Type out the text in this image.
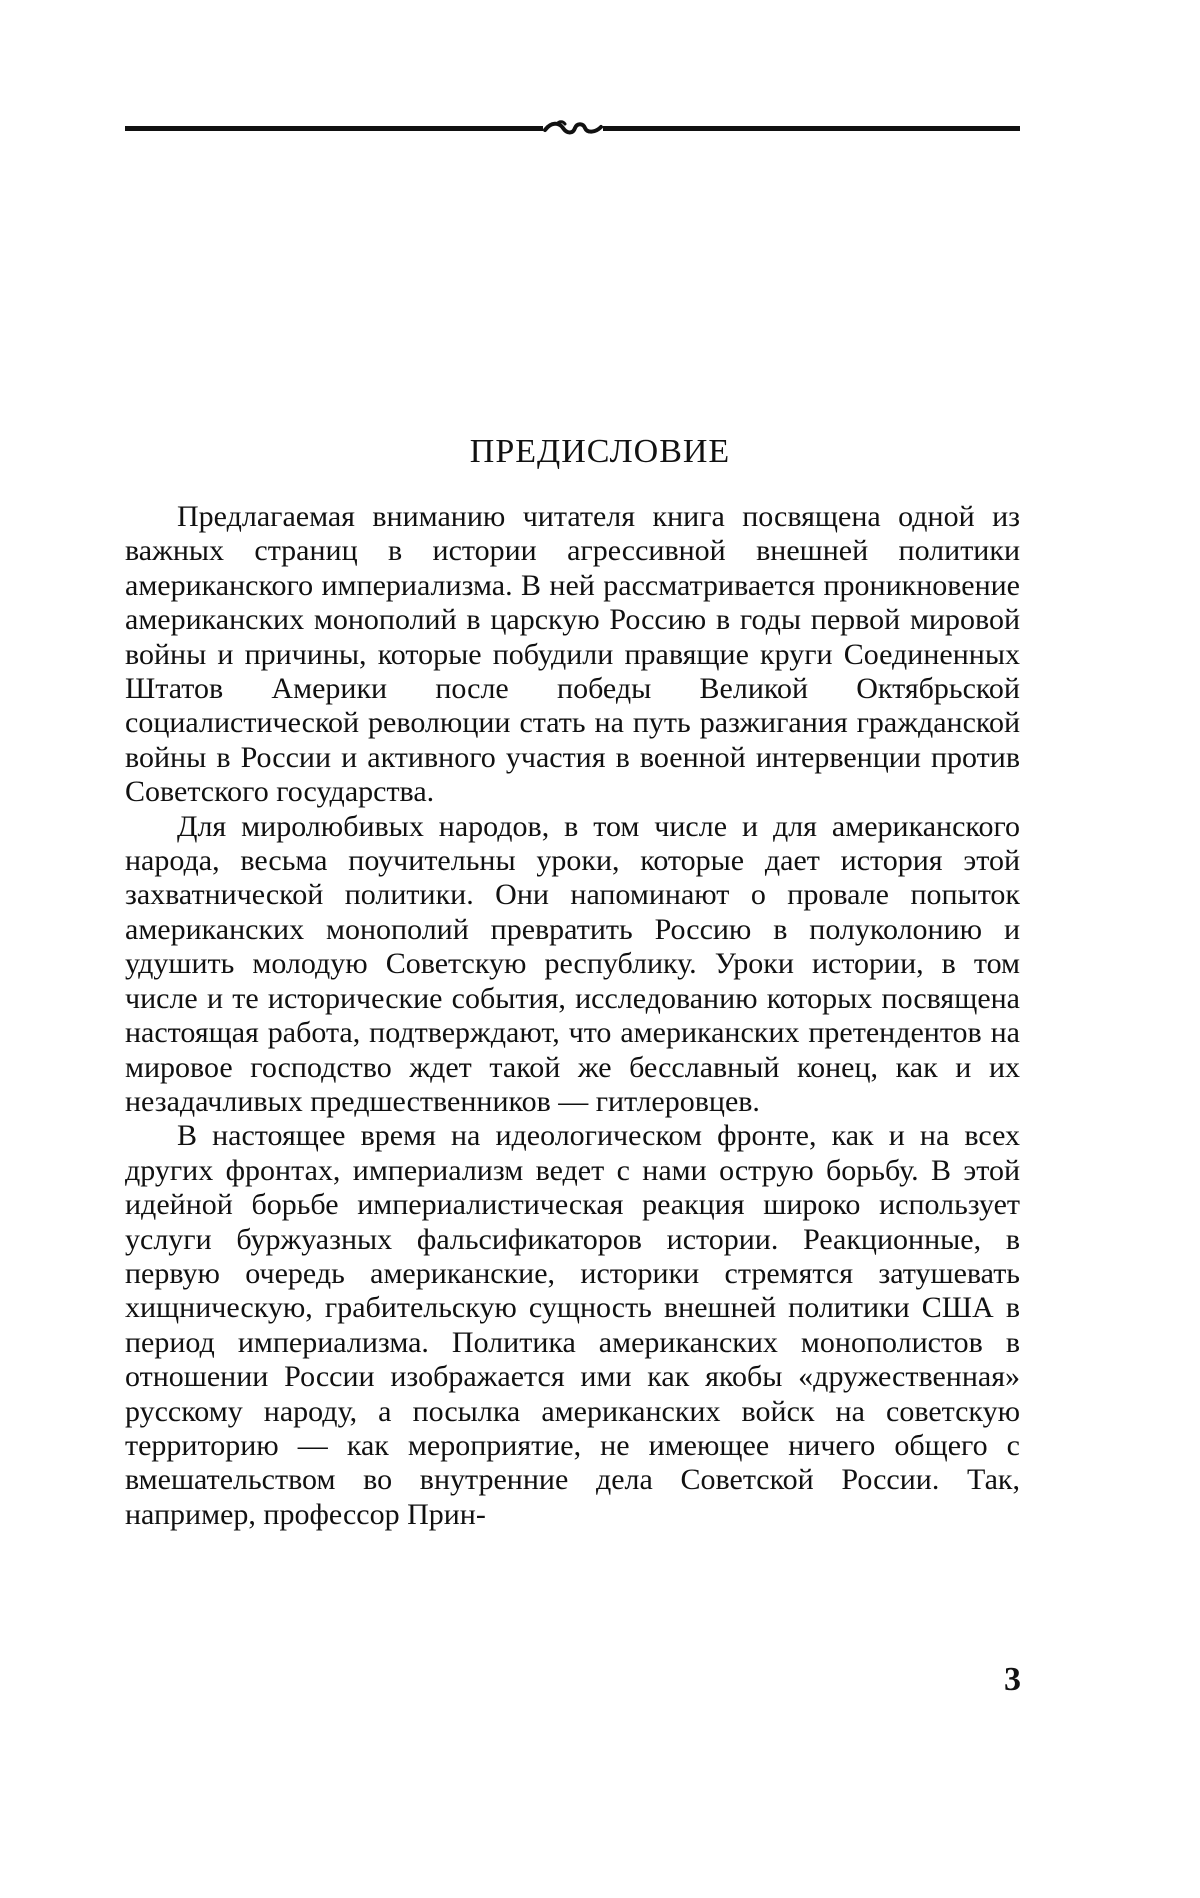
ПРЕДИСЛОВИЕ

Предлагаемая вниманию читателя книга посвящена одной из важных страниц в истории агрессивной внешней политики американского империализма. В ней рассматривается проникновение американских монополий в царскую Россию в годы первой мировой войны и причины, которые побудили правящие круги Соединенных Штатов Америки после победы Великой Октябрьской социалистической революции стать на путь разжигания гражданской войны в России и активного участия в военной интервенции против Советского государства.

Для миролюбивых народов, в том числе и для американского народа, весьма поучительны уроки, которые дает история этой захватнической политики. Они напоминают о провале попыток американских монополий превратить Россию в полуколонию и удушить молодую Советскую республику. Уроки истории, в том числе и те исторические события, исследованию которых посвящена настоящая работа, подтверждают, что американских претендентов на мировое господство ждет такой же бесславный конец, как и их незадачливых предшественников — гитлеровцев.

В настоящее время на идеологическом фронте, как и на всех других фронтах, империализм ведет с нами острую борьбу. В этой идейной борьбе империалистическая реакция широко использует услуги буржуазных фальсификаторов истории. Реакционные, в первую очередь американские, историки стремятся затушевать хищническую, грабительскую сущность внешней политики США в период империализма. Политика американских монополистов в отношении России изображается ими как якобы «дружественная» русскому народу, а посылка американских войск на советскую территорию — как мероприятие, не имеющее ничего общего с вмешательством во внутренние дела Советской России. Так, например, профессор Прин-

3
